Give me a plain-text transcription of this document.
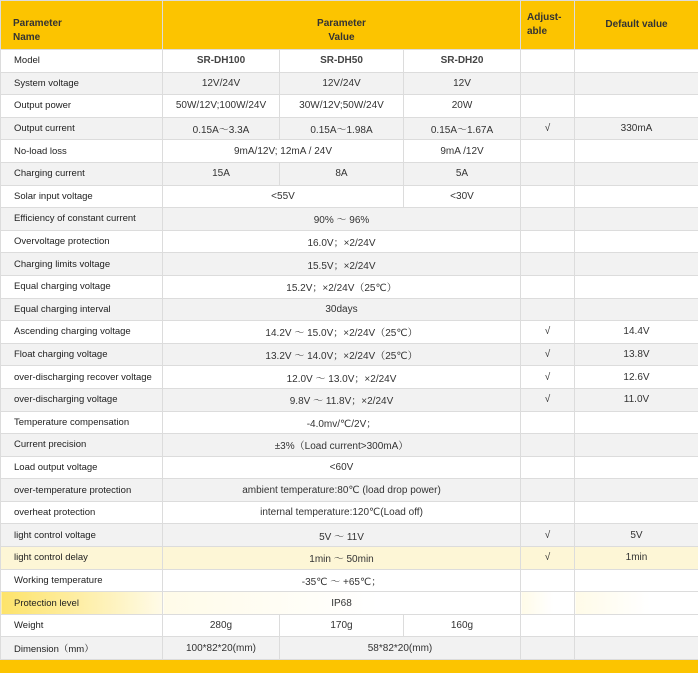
Parameter
Name	Parameter
Value			Adjust-
able	Default value
Model	SR-DH100	SR-DH50	SR-DH20		
System voltage	12V/24V	12V/24V	12V		
Output power	50W/12V;100W/24V	30W/12V;50W/24V	20W		
Output current	0.15A～3.3A	0.15A～1.98A	0.15A～1.67A	√	330mA
No-load loss	9mA/12V; 12mA / 24V		9mA /12V		
Charging current	15A	8A	5A		
Solar input voltage	<55V		<30V		
Efficiency of constant current	90% ～ 96%				
Overvoltage protection	16.0V；×2/24V				
Charging limits voltage	15.5V；×2/24V				
Equal charging voltage	15.2V；×2/24V（25℃）				
Equal charging interval	30days				
Ascending charging voltage	14.2V ～ 15.0V；×2/24V（25℃）			√	14.4V
Float charging voltage	13.2V ～ 14.0V；×2/24V（25℃）			√	13.8V
over-discharging recover voltage	12.0V ～ 13.0V；×2/24V			√	12.6V
over-discharging voltage	9.8V ～ 11.8V；×2/24V			√	11.0V
Temperature compensation	-4.0mv/℃/2V；				
Current precision	±3%（Load current>300mA）				
Load output voltage	<60V				
over-temperature protection	ambient temperature:80℃ (load drop power)				
overheat protection	internal temperature:120℃(Load off)				
light control voltage	5V ～ 11V			√	5V
light control delay	1min ～ 50min			√	1min
Working temperature	-35℃ ～ +65℃；				
Protection level	IP68				
Weight	280g	170g	160g		
Dimension（mm）	100*82*20(mm)	58*82*20(mm)			
